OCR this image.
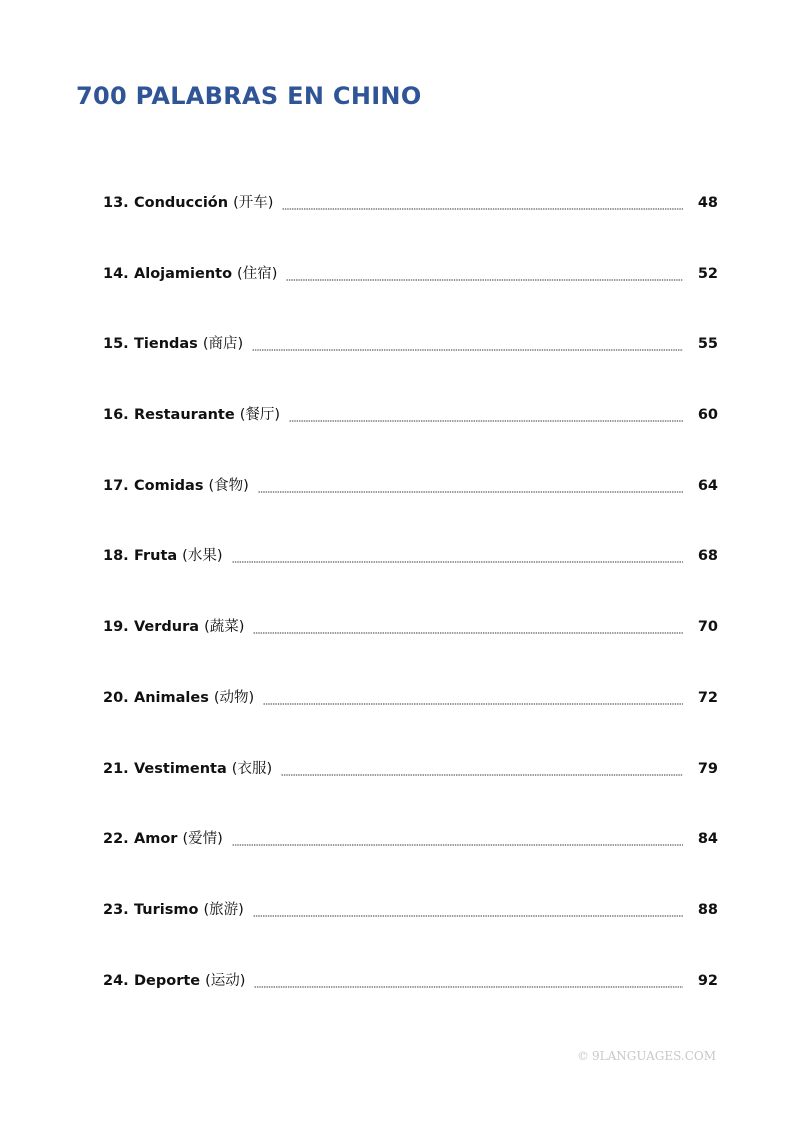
700 PALABRAS EN CHINO
13. Conducción (开车)	48
14. Alojamiento (住宿)	52
15. Tiendas (商店)	55
16. Restaurante (餐厅)	60
17. Comidas (食物)	64
18. Fruta (水果)	68
19. Verdura (蔬菜)	70
20. Animales (动物)	72
21. Vestimenta (衣服)	79
22. Amor (爱情)	84
23. Turismo (旅游)	88
24. Deporte (运动)	92
© 9LANGUAGES.COM
